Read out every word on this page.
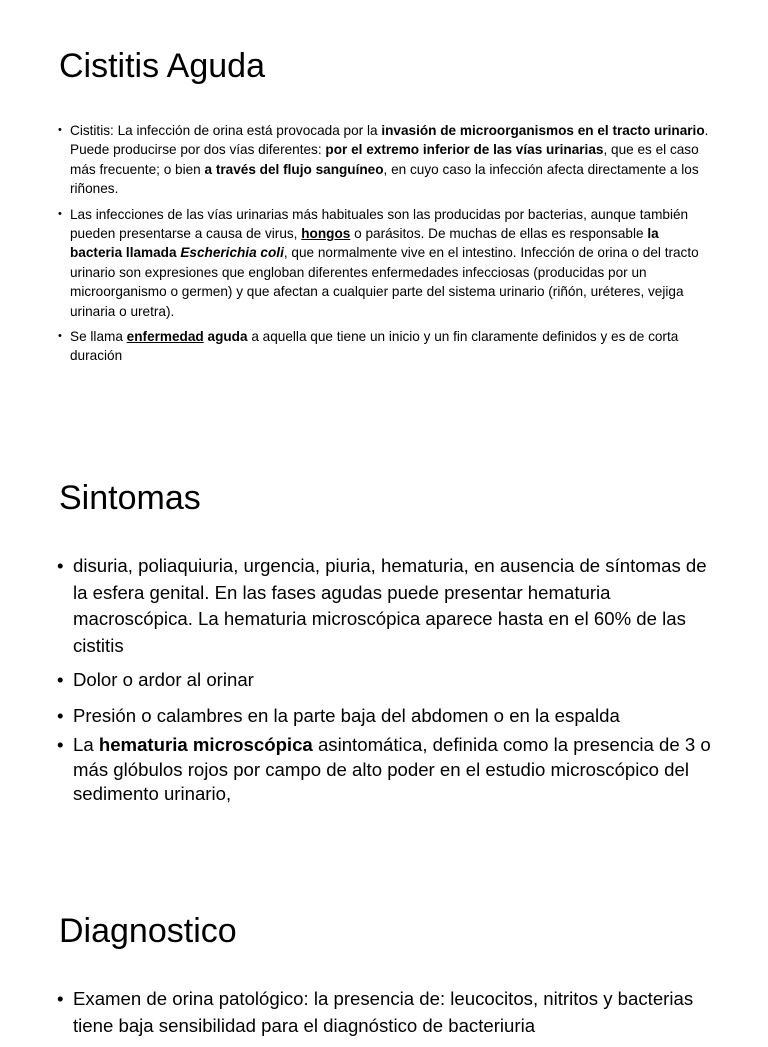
Cistitis Aguda
• Cistitis: La infección de orina está provocada por la invasión de microorganismos en el tracto urinario. Puede producirse por dos vías diferentes: por el extremo inferior de las vías urinarias, que es el caso más frecuente; o bien a través del flujo sanguíneo, en cuyo caso la infección afecta directamente a los riñones.
• Las infecciones de las vías urinarias más habituales son las producidas por bacterias, aunque también pueden presentarse a causa de virus, hongos o parásitos. De muchas de ellas es responsable la bacteria llamada Escherichia coli, que normalmente vive en el intestino. Infección de orina o del tracto urinario son expresiones que engloban diferentes enfermedades infecciosas (producidas por un microorganismo o germen) y que afectan a cualquier parte del sistema urinario (riñón, uréteres, vejiga urinaria o uretra).
• Se llama enfermedad aguda a aquella que tiene un inicio y un fin claramente definidos y es de corta duración
Sintomas
• disuria, poliaquiuria, urgencia, piuria, hematuria, en ausencia de síntomas de la esfera genital. En las fases agudas puede presentar hematuria macroscópica. La hematuria microscópica aparece hasta en el 60% de las cistitis
• Dolor o ardor al orinar
• Presión o calambres en la parte baja del abdomen o en la espalda
• La hematuria microscópica asintomática, definida como la presencia de 3 o más glóbulos rojos por campo de alto poder en el estudio microscópico del sedimento urinario,
Diagnostico
• Examen de orina patológico: la presencia de: leucocitos, nitritos y bacterias tiene baja sensibilidad para el diagnóstico de bacteriuria
